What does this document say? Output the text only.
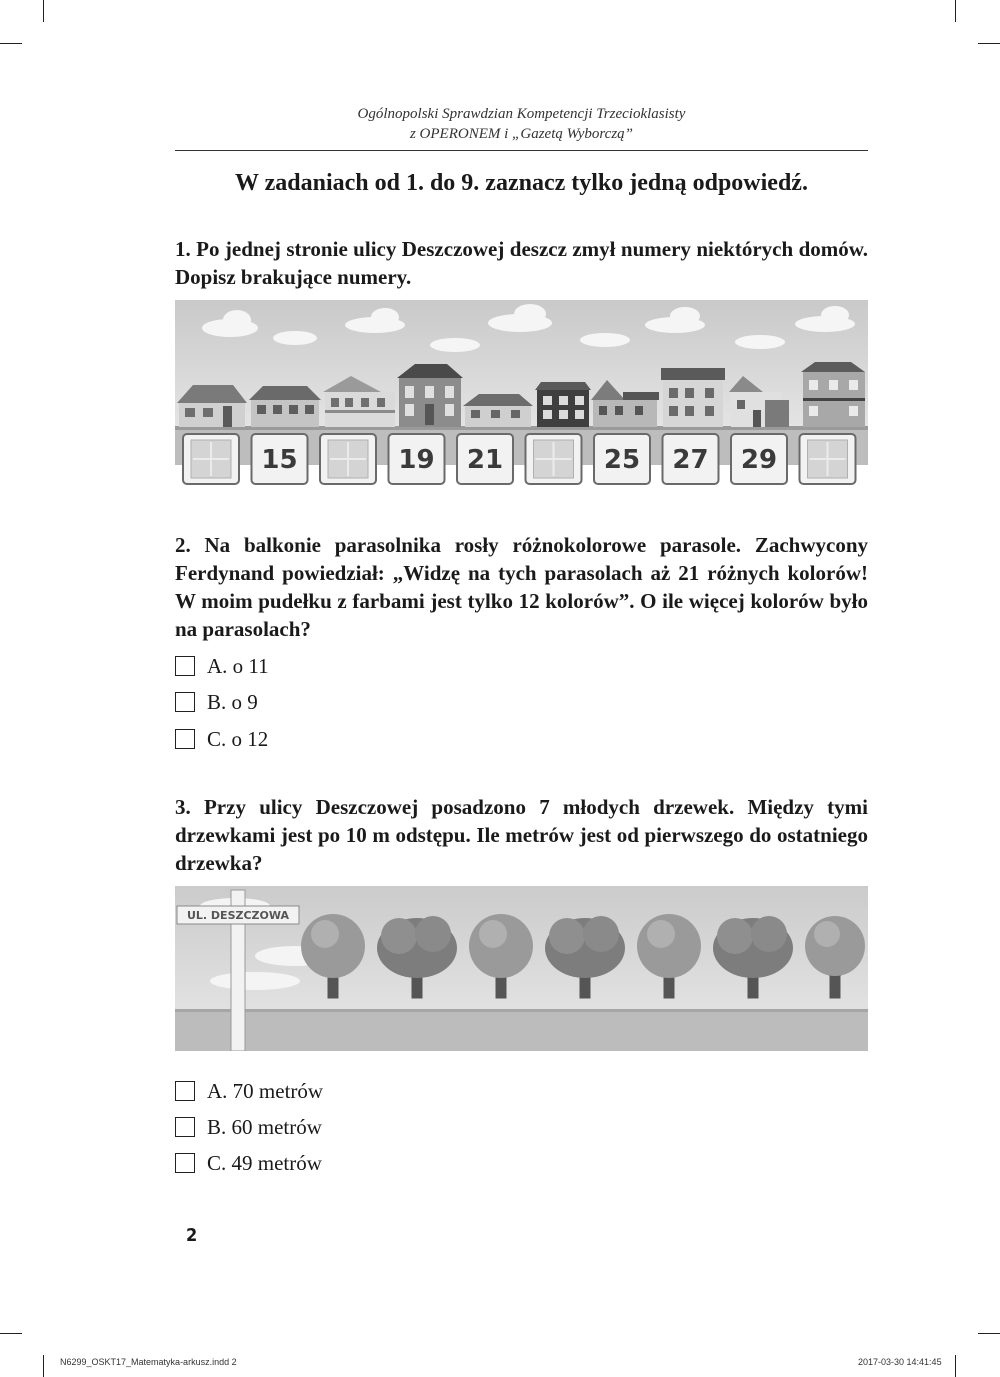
Ogólnopolski Sprawdzian Kompetencji Trzecioklasisty
z OPERONEM i „Gazetą Wyborczą”
W zadaniach od 1. do 9. zaznacz tylko jedną odpowiedź.
1. Po jednej stronie ulicy Deszczowej deszcz zmył numery niektórych domów. Dopisz brakujące numery.
15	19 21	25 27 29
2. Na balkonie parasolnika rosły różnokolorowe parasole. Zachwycony Ferdynand powiedział: „Widzę na tych parasolach aż 21 różnych kolorów! W moim pudełku z farbami jest tylko 12 kolorów”. O ile więcej kolorów było na parasolach?
A. o 11
B. o 9
C. o 12
3. Przy ulicy Deszczowej posadzono 7 młodych drzewek. Między tymi drzewkami jest po 10 m odstępu. Ile metrów jest od pierwszego do ostatniego drzewka?
UL. DESZCZOWA
A. 70 metrów
B. 60 metrów
C. 49 metrów
2
N6299_OSKT17_Matematyka-arkusz.indd 2	2017-03-30 14:41:45
